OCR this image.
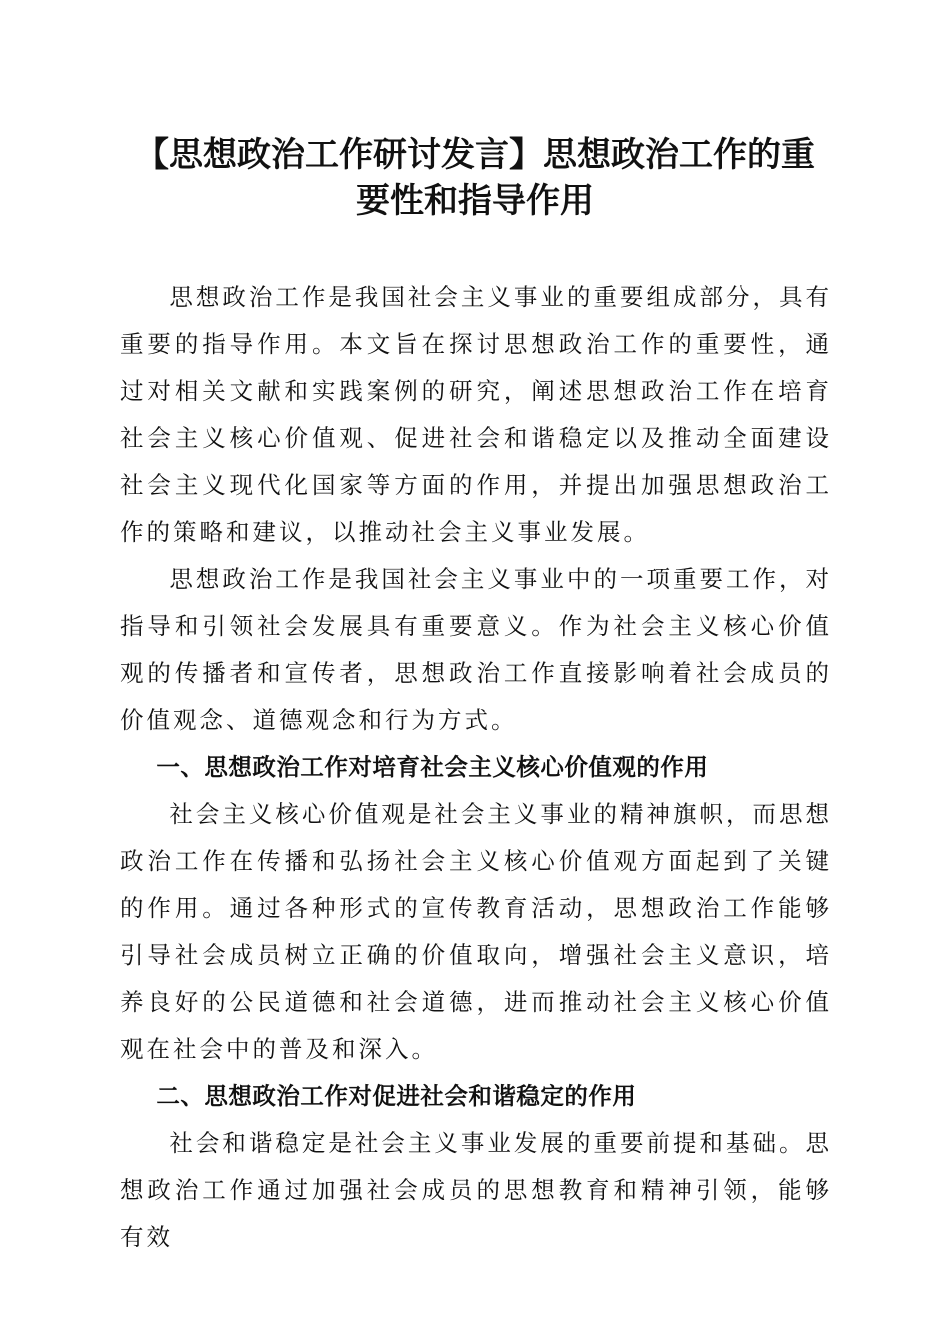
【思想政治工作研讨发言】思想政治工作的重要性和指导作用

思想政治工作是我国社会主义事业的重要组成部分，具有重要的指导作用。本文旨在探讨思想政治工作的重要性，通过对相关文献和实践案例的研究，阐述思想政治工作在培育社会主义核心价值观、促进社会和谐稳定以及推动全面建设社会主义现代化国家等方面的作用，并提出加强思想政治工作的策略和建议，以推动社会主义事业发展。

思想政治工作是我国社会主义事业中的一项重要工作，对指导和引领社会发展具有重要意义。作为社会主义核心价值观的传播者和宣传者，思想政治工作直接影响着社会成员的价值观念、道德观念和行为方式。

一、思想政治工作对培育社会主义核心价值观的作用

社会主义核心价值观是社会主义事业的精神旗帜，而思想政治工作在传播和弘扬社会主义核心价值观方面起到了关键的作用。通过各种形式的宣传教育活动，思想政治工作能够引导社会成员树立正确的价值取向，增强社会主义意识，培养良好的公民道德和社会道德，进而推动社会主义核心价值观在社会中的普及和深入。

二、思想政治工作对促进社会和谐稳定的作用

社会和谐稳定是社会主义事业发展的重要前提和基础。思想政治工作通过加强社会成员的思想教育和精神引领，能够有效
